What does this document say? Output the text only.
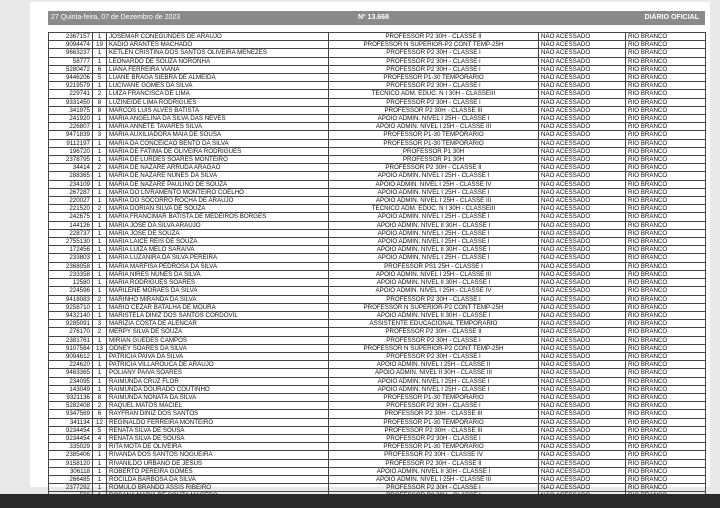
27 Quinta-feira, 07 de Dezembro de 2023	Nº 13.668	DIÁRIO OFICIAL
2367157	1	JOSEMAR CONEGUNDES DE ARAUJO	PROFESSOR P2 30H - CLASSE II	NÃO ACESSADO	RIO BRANCO
9094474	19	KADIO ARANTES MACHADO	PROFESSOR N SUPERIOR-P2 CONT TEMP-25H	NÃO ACESSADO	RIO BRANCO
9663237	1	KETLEN CRISTINA DOS SANTOS OLIVEIRA MENEZES	PROFESSOR P2 30H - CLASSE I	NÃO ACESSADO	RIO BRANCO
58777	1	LEONARDO DE SOUZA NORONHA	PROFESSOR P2 30H - CLASSE I	NÃO ACESSADO	RIO BRANCO
5280472	6	LIANA FERREIRA VIANA	PROFESSOR P2 30H - CLASSE I	NÃO ACESSADO	RIO BRANCO
9446206	5	LUANE BRAGA SIEBRA DE ALMEIDA	PROFESSOR P1-30 TEMPORARIO	NÃO ACESSADO	RIO BRANCO
9219579	1	LUCIVANE GOMES DA SILVA	PROFESSOR P2 30H - CLASSE I	NÃO ACESSADO	RIO BRANCO
229741	2	LUIZA FRANCISCA DE LIMA	TECNICO ADM. EDUC. N I 30H - CLASSEIII	NÃO ACESSADO	RIO BRANCO
9331450	8	LUZINEIDE LIMA RODRIGUES	PROFESSOR P2 30H - CLASSE I	NÃO ACESSADO	RIO BRANCO
341975	8	MARCOS LUIS ALVES BATISTA	PROFESSOR P2 30H - CLASSE III	NÃO ACESSADO	RIO BRANCO
241920	1	MARIA ANGELINA DA SILVA DAS NEVES	APOIO ADMIN. NIVEL I 25H - CLASSE I	NÃO ACESSADO	RIO BRANCO
226807	1	MARIA ANNETE TAVARES SILVA	APOIO ADMIN. NIVEL I 25H - CLASSE III	NÃO ACESSADO	RIO BRANCO
9471839	3	MARIA AUXILIADORA MAIA DE SOUSA	PROFESSOR P1-30 TEMPORARIO	NÃO ACESSADO	RIO BRANCO
9112197	1	MARIA DA CONCEICAO BENTO DA SILVA	PROFESSOR P1-30 TEMPORARIO	NÃO ACESSADO	RIO BRANCO
196720	1	MARIA DE FATIMA DE OLIVEIRA RODRIGUES	PROFESSOR P1 30H	NÃO ACESSADO	RIO BRANCO
2378795	1	MARIA DE LURDES SOARES MONTEIRO	PROFESSOR P1 30H	NÃO ACESSADO	RIO BRANCO
34414	2	MARIA DE NAZARE ARRUDA ARAGAO	PROFESSOR P2 30H - CLASSE II	NÃO ACESSADO	RIO BRANCO
288365	1	MARIA DE NAZARE NUNES DA SILVA	APOIO ADMIN. NIVEL I 25H - CLASSE I	NÃO ACESSADO	RIO BRANCO
234109	1	MARIA DE NAZARE PAULINO DE SOUZA	APOIO ADMIN. NIVEL I 25H - CLASSE IV	NÃO ACESSADO	RIO BRANCO
267287	1	MARIA DO LIVRAMENTO MONTEIRO COELHO	APOIO ADMIN. NIVEL I 25H - CLASSE I	NÃO ACESSADO	RIO BRANCO
220027	1	MARIA DO SOCORRO ROCHA DE ARAUJO	APOIO ADMIN. NIVEL I 25H - CLASSE III	NÃO ACESSADO	RIO BRANCO
221520	2	MARIA DORIAN SILVA DE SOUZA	TECNICO ADM. EDUC. N I 30H - CLASSEIII	NÃO ACESSADO	RIO BRANCO
242675	1	MARIA FRANCIMAR BATISTA DE MEDEIROS BORGES	APOIO ADMIN. NIVEL I 25H - CLASSE I	NÃO ACESSADO	RIO BRANCO
144126	1	MARIA JOSE DA SILVA ARAUJO	APOIO ADMIN. NIVEL II 30H - CLASSE I	NÃO ACESSADO	RIO BRANCO
228737	1	MARIA JOSE DE SOUZA	APOIO ADMIN. NIVEL I 25H - CLASSE I	NÃO ACESSADO	RIO BRANCO
2755130	1	MARIA LAICE REIS DE SOUZA	APOIO ADMIN. NIVEL I 25H - CLASSE I	NÃO ACESSADO	RIO BRANCO
172456	1	MARIA LUIZA MELO SARAIVA	APOIO ADMIN. NIVEL II 30H - CLASSE I	NÃO ACESSADO	RIO BRANCO
233803	1	MARIA LUZANIRA DA SILVA PEREIRA	APOIO ADMIN. NIVEL I 25H - CLASSE I	NÃO ACESSADO	RIO BRANCO
2368058	1	MARIA MARFISA PEDROSA DA SILVA	PROFESSOR PS1 25H - CLASSE I	NÃO ACESSADO	RIO BRANCO
233358	1	MARIA NIRES NUNES DA SILVA	APOIO ADMIN. NIVEL I 25H - CLASSE III	NÃO ACESSADO	RIO BRANCO
12580	1	MARIA RODRIGUES SOARES	APOIO ADMIN. NIVEL II 30H - CLASSE I	NÃO ACESSADO	RIO BRANCO
224596	1	MARILENE MORAES DA SILVA	APOIO ADMIN. NIVEL I 25H - CLASSE IV	NÃO ACESSADO	RIO BRANCO
9418083	2	MARINHO MIRANDA DA SILVA	PROFESSOR P2 30H - CLASSE I	NÃO ACESSADO	RIO BRANCO
9258710	1	MARIO CEZAR BATALHA DE MOURA	PROFESSOR N SUPERIOR-P2 CONT TEMP-25H	NÃO ACESSADO	RIO BRANCO
9432140	1	MARISTELA DINIZ DOS SANTOS CORDOVIL	APOIO ADMIN. NIVEL II 30H - CLASSE I	NÃO ACESSADO	RIO BRANCO
9285091	3	MARIZIA COSTA DE ALENCAR	ASSISTENTE EDUCACIONAL TEMPORARIO	NÃO ACESSADO	RIO BRANCO
276170	2	MERPY SILVA DE SOUZA	PROFESSOR P2 30H - CLASSE II	NÃO ACESSADO	RIO BRANCO
2381761	1	MIRIAN GUEDES CAMPOS	PROFESSOR P2 30H - CLASSE I	NÃO ACESSADO	RIO BRANCO
9107584	13	ODNEY SOARES DA SILVA	PROFESSOR N SUPERIOR-P2 CONT TEMP-25H	NÃO ACESSADO	RIO BRANCO
9094612	1	PATRICIA PAIVA DA SILVA	PROFESSOR P2 30H - CLASSE I	NÃO ACESSADO	RIO BRANCO
224620	1	PATRICIA VILLAROUCA DE ARAUJO	APOIO ADMIN. NIVEL I 25H - CLASSE II	NÃO ACESSADO	RIO BRANCO
9463365	1	POLIANY PAIVA SOARES	APOIO ADMIN. NIVEL II 30H - CLASSE III	NÃO ACESSADO	RIO BRANCO
234095	1	RAIMUNDA CRUZ FLOR	APOIO ADMIN. NIVEL I 25H - CLASSE I	NÃO ACESSADO	RIO BRANCO
143049	1	RAIMUNDA DOURADO COUTINHO	APOIO ADMIN. NIVEL I 25H - CLASSE I	NÃO ACESSADO	RIO BRANCO
9321136	8	RAIMUNDA NONATA DA SILVA	PROFESSOR P1-30 TEMPORARIO	NÃO ACESSADO	RIO BRANCO
5282408	2	RAQUEL MATOS MACIEL	PROFESSOR P2 30H - CLASSE I	NÃO ACESSADO	RIO BRANCO
9347569	6	RAYFRAN DINIZ DOS SANTOS	PROFESSOR P2 30H - CLASSE III	NÃO ACESSADO	RIO BRANCO
341134	12	REGINALDO FERREIRA MONTEIRO	PROFESSOR P1-30 TEMPORARIO	NÃO ACESSADO	RIO BRANCO
9234454	5	RENATA SILVA DE SOUSA	PROFESSOR P2 30H - CLASSE III	NÃO ACESSADO	RIO BRANCO
9234454	4	RENATA SILVA DE SOUSA	PROFESSOR P2 30H - CLASSE I	NÃO ACESSADO	RIO BRANCO
335029	3	RITA MOTA DE OLIVEIRA	PROFESSOR P1-30 TEMPORARIO	NÃO ACESSADO	RIO BRANCO
2385406	1	RIVANDA DOS SANTOS NOGUEIRA	PROFESSOR P2 30H - CLASSE IV	NÃO ACESSADO	RIO BRANCO
9158120	1	RIVANILDO URBANO DE JESUS	PROFESSOR P2 30H - CLASSE II	NÃO ACESSADO	RIO BRANCO
306118	1	ROBERTO PEREIRA GOMES	APOIO ADMIN. NIVEL II 30H - CLASSE I	NÃO ACESSADO	RIO BRANCO
266485	1	ROCILDA BARBOSA DA SILVA	APOIO ADMIN. NIVEL I 25H - CLASSE III	NÃO ACESSADO	RIO BRANCO
2377292	1	ROMULO BRANDO ASSIS RIBEIRO	PROFESSOR P2 30H - CLASSE I	NÃO ACESSADO	RIO BRANCO
